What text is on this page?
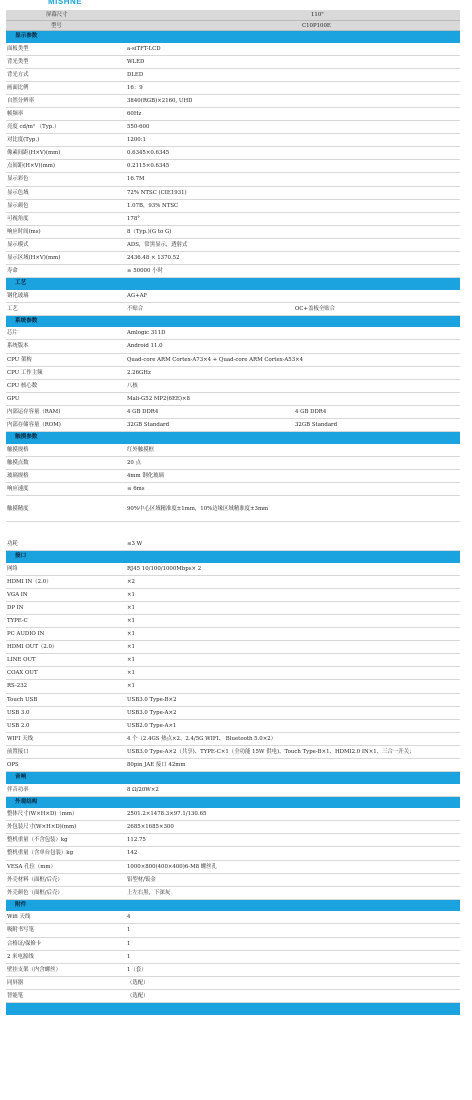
MISHNE
屏幕尺寸	110"
型号	C10P100E
显示参数
面板类型	a-siTFT-LCD
背光类型	WLED
背光方式	DLED
画面比例	16：9
自然分辨率	3840(RGB)×2160, UHD
帧频率	60Hz
亮度 cd/m² （Typ.）	550-600
对比度(Typ.)	1200:1
像素间距(H×V)(mm)	0.6345×0.6345
点间距(H×V)(mm)	0.2115×0.6345
显示彩色	16.7M
显示色域	72% NTSC (CIE1931)
显示颜色	1.07B，93% NTSC
可视角度	178°
响应时间(ms)	8（Typ.)(G to G)
显示模式	ADS，常黑显示，透射式
显示区域(H×V)(mm)	2436.48 × 1370.52
寿命	≥ 50000 小时
工艺
钢化玻璃	AG+AF
工艺	不贴合	OC+盖板全贴合
系统参数
芯片	Amlogic 311D
系统版本	Android 11.0
CPU 架构	Quad-core ARM Cortex-A73×4 + Quad-core ARM Cortex-A53×4
CPU 工作主频	2.26GHz
CPU 核心数	八核
GPU	Mali-G52 MP2(6EE)×8
内部运存容量（RAM)	4 GB DDR4	4 GB DDR4
内部存储容量（ROM)	32GB Standard	32GB Standard
触摸参数
触摸规格	红外触摸框
触摸点数	20 点
玻璃规格	4mm 钢化玻璃
响应速度	≤ 6ms
触摸精度	90%中心区域精准度±1mm，10%边缘区域精准度±3mm
功耗	≤3 W
接口
网络	RJ45 10/100/1000Mbps× 2
HDMI IN（2.0）	×2
VGA IN	×1
DP IN	×1
TYPE-C	×1
PC AUDIO IN	×1
HDMI OUT（2.0）	×1
LINE OUT	×1
COAX OUT	×1
RS-232	×1
Touch USB	USB3.0 Type-B×2
USB 3.0	USB3.0 Type-A×2
USB 2.0	USB2.0 Type-A×1
WIFI 天线	4 个（2.4GS 热点×2、2.4/5G WIFI、 Bluetooth 5.0×2）
前置接口	USB3.0 Type-A×2（共享)、TYPE-C×1（全功能 15W 供电)、Touch Type-B×1、HDMI2.0 IN×1、三合一开关；
OPS	80pin JAE 接口 42mm
音响
伴音功率	8 Ω/20W×2
外观结构
整体尺寸(W×H×D)（mm）	2501.2×1478.3×97.1/130.65
外包装尺寸(W×H×D)(mm)	2685×1685×300
整机重量（不含包装）kg	112.75
整机重量（含单台包装）kg	142
VESA 孔位（mm）	1000×800(400×400)6-M8 螺丝孔
外壳材料（面框/后壳）	铝型材/钣金
外壳颜色（面框/后壳）	上左右黑，下深灰
附件
Wifi 天线	4
吸附书写笔	1
合格证/保修卡	1
2 米电源线	1
壁挂支架（内含螺丝）	1（套）
同屏器	（选配）
智能笔	（选配）
